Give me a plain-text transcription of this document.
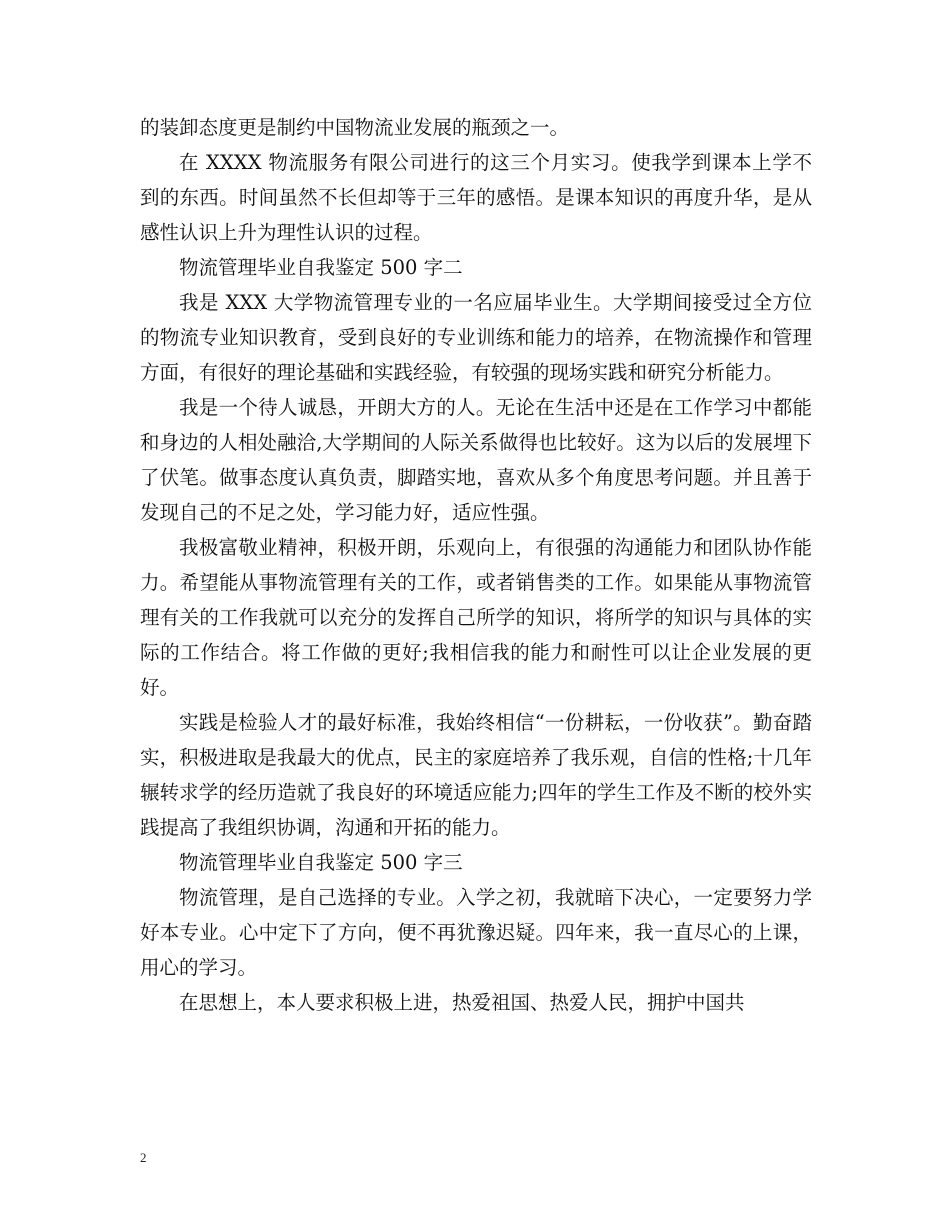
的装卸态度更是制约中国物流业发展的瓶颈之一。

在 XXXX 物流服务有限公司进行的这三个月实习。使我学到课本上学不到的东西。时间虽然不长但却等于三年的感悟。是课本知识的再度升华，是从感性认识上升为理性认识的过程。

物流管理毕业自我鉴定 500 字二

我是 XXX 大学物流管理专业的一名应届毕业生。大学期间接受过全方位的物流专业知识教育，受到良好的专业训练和能力的培养，在物流操作和管理方面，有很好的理论基础和实践经验，有较强的现场实践和研究分析能力。

我是一个待人诚恳，开朗大方的人。无论在生活中还是在工作学习中都能和身边的人相处融洽,大学期间的人际关系做得也比较好。这为以后的发展埋下了伏笔。做事态度认真负责，脚踏实地，喜欢从多个角度思考问题。并且善于发现自己的不足之处，学习能力好，适应性强。

我极富敬业精神，积极开朗，乐观向上，有很强的沟通能力和团队协作能力。希望能从事物流管理有关的工作，或者销售类的工作。如果能从事物流管理有关的工作我就可以充分的发挥自己所学的知识，将所学的知识与具体的实际的工作结合。将工作做的更好;我相信我的能力和耐性可以让企业发展的更好。

实践是检验人才的最好标准，我始终相信“一份耕耘，一份收获”。勤奋踏实，积极进取是我最大的优点，民主的家庭培养了我乐观，自信的性格;十几年辗转求学的经历造就了我良好的环境适应能力;四年的学生工作及不断的校外实践提高了我组织协调，沟通和开拓的能力。

物流管理毕业自我鉴定 500 字三

物流管理，是自己选择的专业。入学之初，我就暗下决心，一定要努力学好本专业。心中定下了方向，便不再犹豫迟疑。四年来，我一直尽心的上课，用心的学习。

在思想上，本人要求积极上进，热爱祖国、热爱人民，拥护中国共

2
